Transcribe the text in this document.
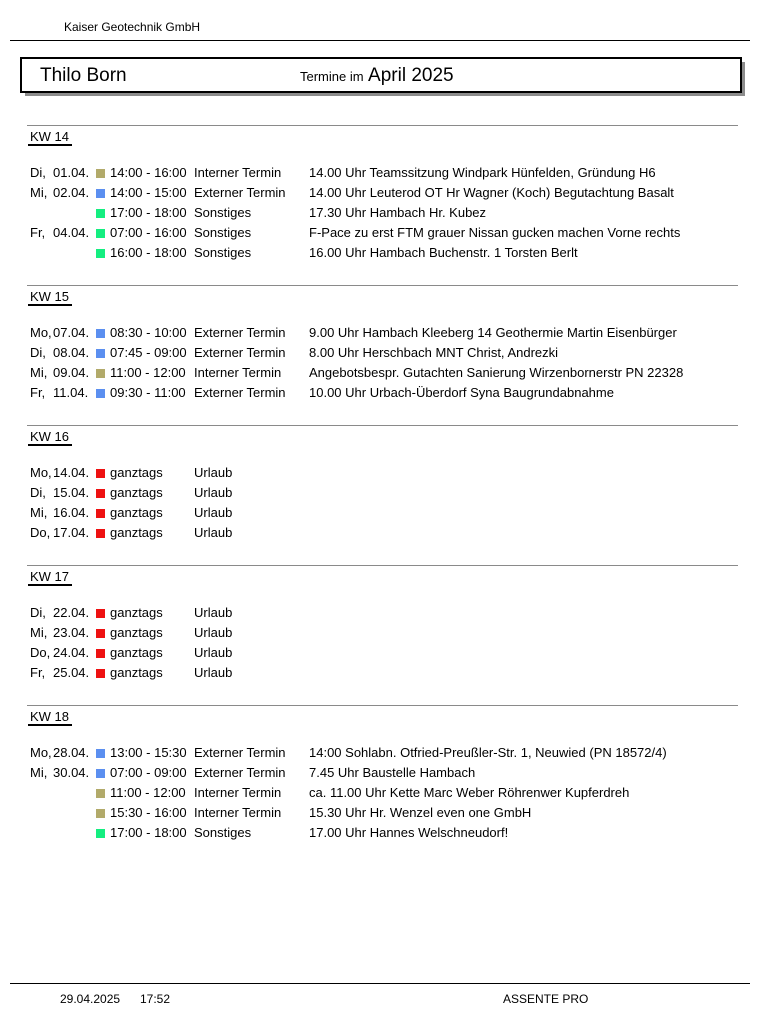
Kaiser Geotechnik GmbH
Thilo Born	Termine im April 2025
KW 14
Di, 01.04. 14:00 - 16:00 Interner Termin 14.00 Uhr Teamssitzung Windpark Hünfelden, Gründung H6
Mi, 02.04. 14:00 - 15:00 Externer Termin 14.00 Uhr Leuterod OT Hr Wagner (Koch) Begutachtung Basalt
17:00 - 18:00 Sonstiges	17.30 Uhr Hambach Hr. Kubez
Fr, 04.04. 07:00 - 16:00 Sonstiges	F-Pace zu erst FTM grauer Nissan gucken machen Vorne rechts
16:00 - 18:00 Sonstiges	16.00 Uhr Hambach Buchenstr. 1 Torsten Berlt
KW 15
Mo, 07.04. 08:30 - 10:00 Externer Termin 9.00 Uhr Hambach Kleeberg 14 Geothermie Martin Eisenbürger
Di, 08.04. 07:45 - 09:00 Externer Termin 8.00 Uhr Herschbach MNT Christ, Andrezki
Mi, 09.04. 11:00 - 12:00 Interner Termin Angebotsbespr. Gutachten Sanierung Wirzenbornerstr PN 22328
Fr, 11.04. 09:30 - 11:00 Externer Termin 10.00 Uhr Urbach-Überdorf Syna Baugrundabnahme
KW 16
Mo, 14.04. ganztags Urlaub
Di, 15.04. ganztags Urlaub
Mi, 16.04. ganztags Urlaub
Do, 17.04. ganztags Urlaub
KW 17
Di, 22.04. ganztags Urlaub
Mi, 23.04. ganztags Urlaub
Do, 24.04. ganztags Urlaub
Fr, 25.04. ganztags Urlaub
KW 18
Mo, 28.04. 13:00 - 15:30 Externer Termin 14:00 Sohlabn. Otfried-Preußler-Str. 1, Neuwied (PN 18572/4)
Mi, 30.04. 07:00 - 09:00 Externer Termin 7.45 Uhr Baustelle Hambach
11:00 - 12:00 Interner Termin ca. 11.00 Uhr Kette Marc Weber Röhrenwer Kupferdreh
15:30 - 16:00 Interner Termin 15.30 Uhr Hr. Wenzel even one GmbH
17:00 - 18:00 Sonstiges	17.00 Uhr Hannes Welschneudorf!
29.04.2025 17:52	ASSENTE PRO
